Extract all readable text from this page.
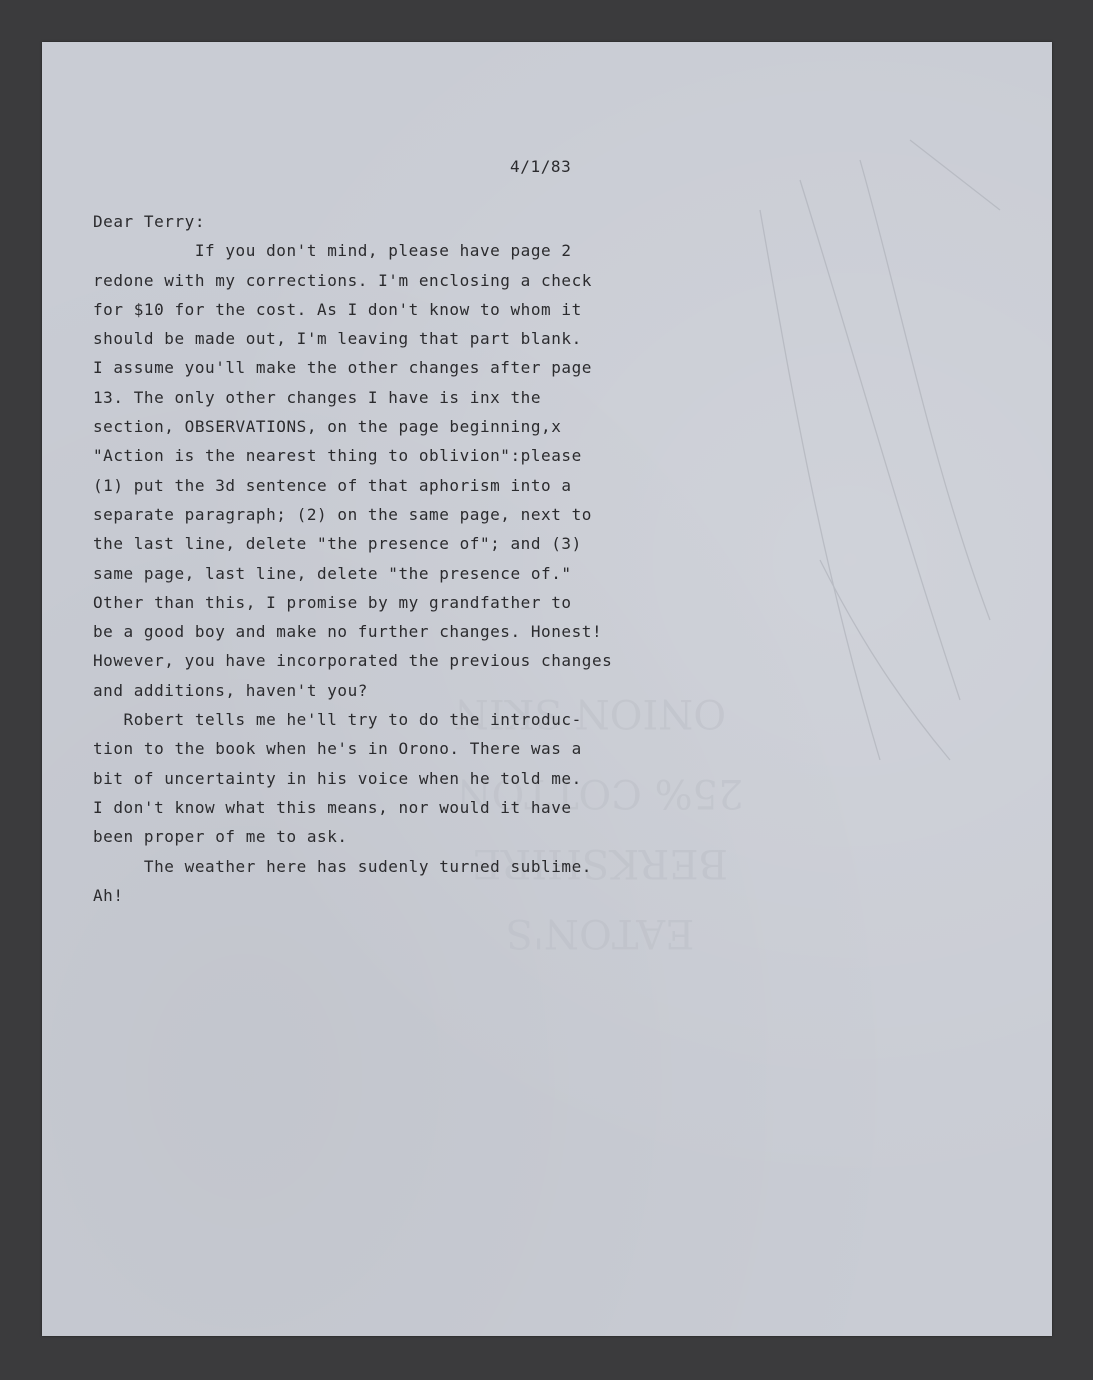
ONION SKIN
25% COTTON
BERKSHIRE
EATON'S
4/1/83
Dear Terry:
If you don't mind, please have page 2
redone with my corrections. I'm enclosing a check
for $10 for the cost. As I don't know to whom it
should be made out, I'm leaving that part blank.
I assume you'll make the other changes after page
13. The only other changes I have is inx the
section, OBSERVATIONS, on the page beginning,x
"Action is the nearest thing to oblivion":please
(1) put the 3d sentence of that aphorism into a
separate paragraph; (2) on the same page, next to
the last line, delete "the presence of"; and (3)
same page, last line, delete "the presence of."
Other than this, I promise by my grandfather to
be a good boy and make no further changes. Honest!
However, you have incorporated the previous changes
and additions, haven't you?
Robert tells me he'll try to do the introduc-
tion to the book when he's in Orono. There was a
bit of uncertainty in his voice when he told me.
I don't know what this means, nor would it have
been proper of me to ask.
The weather here has sudenly turned sublime.
Ah!
